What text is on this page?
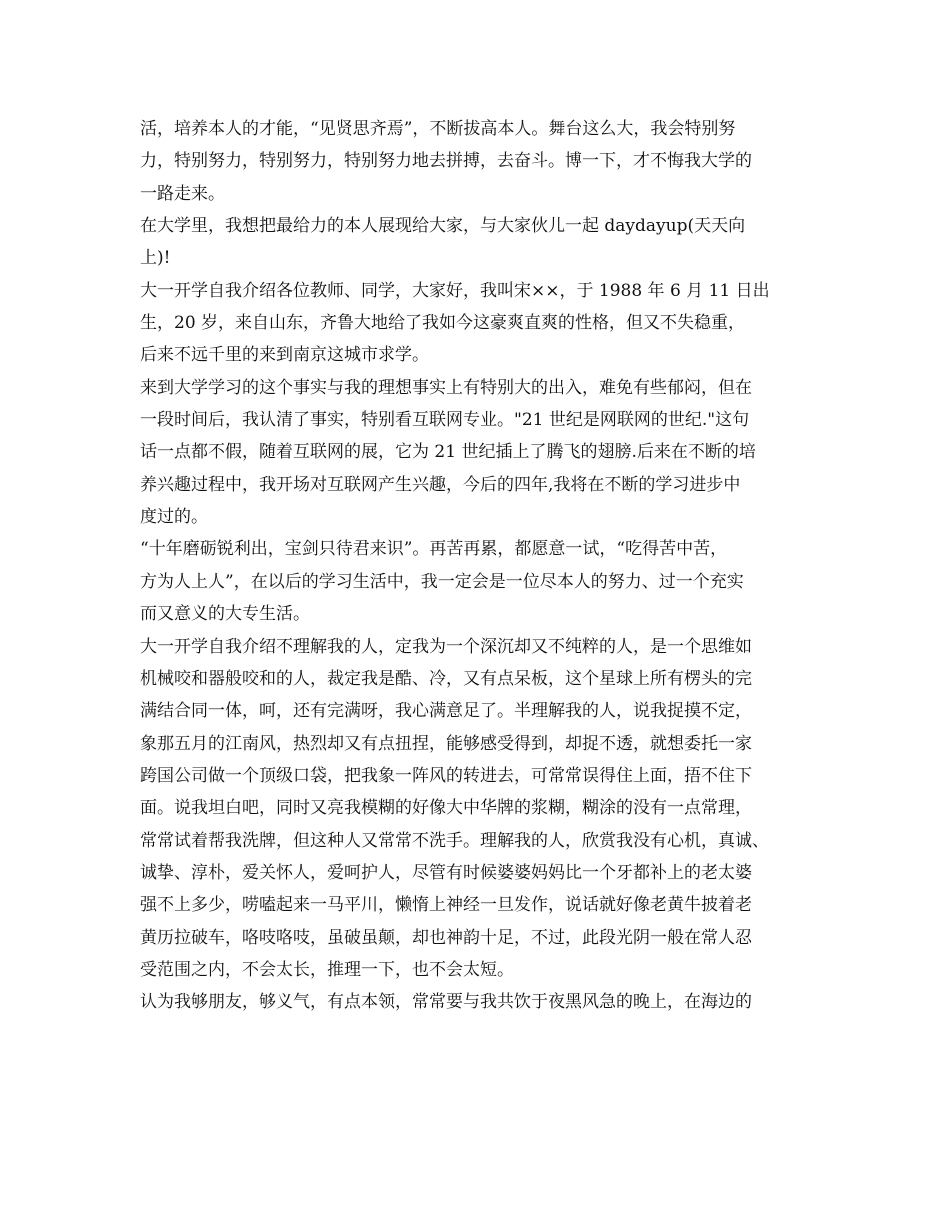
活，培养本人的才能，“见贤思齐焉”，不断拔高本人。舞台这么大，我会特别努
力，特别努力，特别努力，特别努力地去拼搏，去奋斗。博一下，才不悔我大学的
一路走来。
在大学里，我想把最给力的本人展现给大家，与大家伙儿一起 daydayup(天天向
上)!
大一开学自我介绍各位教师、同学，大家好，我叫宋××，于 1988 年 6 月 11 日出
生，20 岁，来自山东，齐鲁大地给了我如今这豪爽直爽的性格，但又不失稳重，
后来不远千里的来到南京这城市求学。
来到大学学习的这个事实与我的理想事实上有特别大的出入，难免有些郁闷，但在
一段时间后，我认清了事实，特别看互联网专业。"21 世纪是网联网的世纪."这句
话一点都不假，随着互联网的展，它为 21 世纪插上了腾飞的翅膀.后来在不断的培
养兴趣过程中，我开场对互联网产生兴趣，今后的四年,我将在不断的学习进步中
度过的。
“十年磨砺锐利出，宝剑只待君来识”。再苦再累，都愿意一试，“吃得苦中苦，
方为人上人”，在以后的学习生活中，我一定会是一位尽本人的努力、过一个充实
而又意义的大专生活。
大一开学自我介绍不理解我的人，定我为一个深沉却又不纯粹的人，是一个思维如
机械咬和器般咬和的人，裁定我是酷、冷，又有点呆板，这个星球上所有楞头的完
满结合同一体，呵，还有完满呀，我心满意足了。半理解我的人，说我捉摸不定，
象那五月的江南风，热烈却又有点扭捏，能够感受得到，却捉不透，就想委托一家
跨国公司做一个顶级口袋，把我象一阵风的转进去，可常常误得住上面，捂不住下
面。说我坦白吧，同时又亮我模糊的好像大中华牌的浆糊，糊涂的没有一点常理，
常常试着帮我洗牌，但这种人又常常不洗手。理解我的人，欣赏我没有心机，真诚、
诚挚、淳朴，爱关怀人，爱呵护人，尽管有时候婆婆妈妈比一个牙都补上的老太婆
强不上多少，唠嗑起来一马平川，懒惰上神经一旦发作，说话就好像老黄牛披着老
黄历拉破车，咯吱咯吱，虽破虽颠，却也神韵十足，不过，此段光阴一般在常人忍
受范围之内，不会太长，推理一下，也不会太短。
认为我够朋友，够义气，有点本领，常常要与我共饮于夜黑风急的晚上，在海边的
